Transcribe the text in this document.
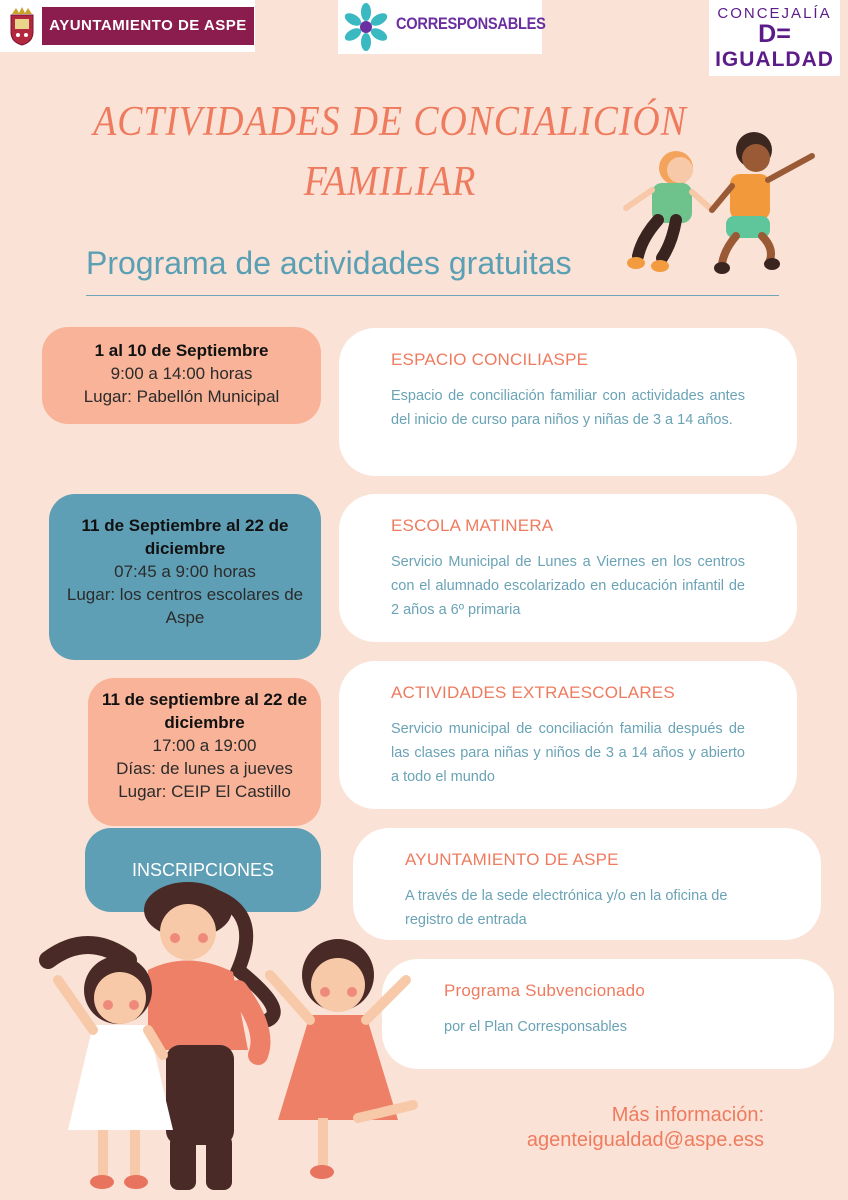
AYUNTAMIENTO DE ASPE	CORRESPONSABLES
CONCEJALÍA
D=
IGUALDAD
ACTIVIDADES DE CONCIALICIÓN
FAMILIAR
Programa de actividades gratuitas
1 al 10 de Septiembre
9:00 a 14:00 horas
Lugar: Pabellón Municipal
ESPACIO CONCILIASPE
Espacio de conciliación familiar con actividades antes del inicio de curso para niños y niñas de 3 a 14 años.
11 de Septiembre al 22 de diciembre
07:45 a 9:00 horas
Lugar: los centros escolares de Aspe
ESCOLA MATINERA
Servicio Municipal de Lunes a Viernes en los centros con el alumnado escolarizado en educación infantil de 2 años a 6º primaria
11 de septiembre al 22 de diciembre
17:00 a 19:00
Días: de lunes a jueves
Lugar: CEIP El Castillo
ACTIVIDADES EXTRAESCOLARES
Servicio municipal de conciliación familia después de las clases para niñas y niños de 3 a 14 años y abierto a todo el mundo
INSCRIPCIONES
AYUNTAMIENTO DE ASPE
A través de la sede electrónica y/o en la oficina de registro de entrada
Programa Subvencionado
por el Plan Corresponsables
Más información:
agenteigualdad@aspe.ess
